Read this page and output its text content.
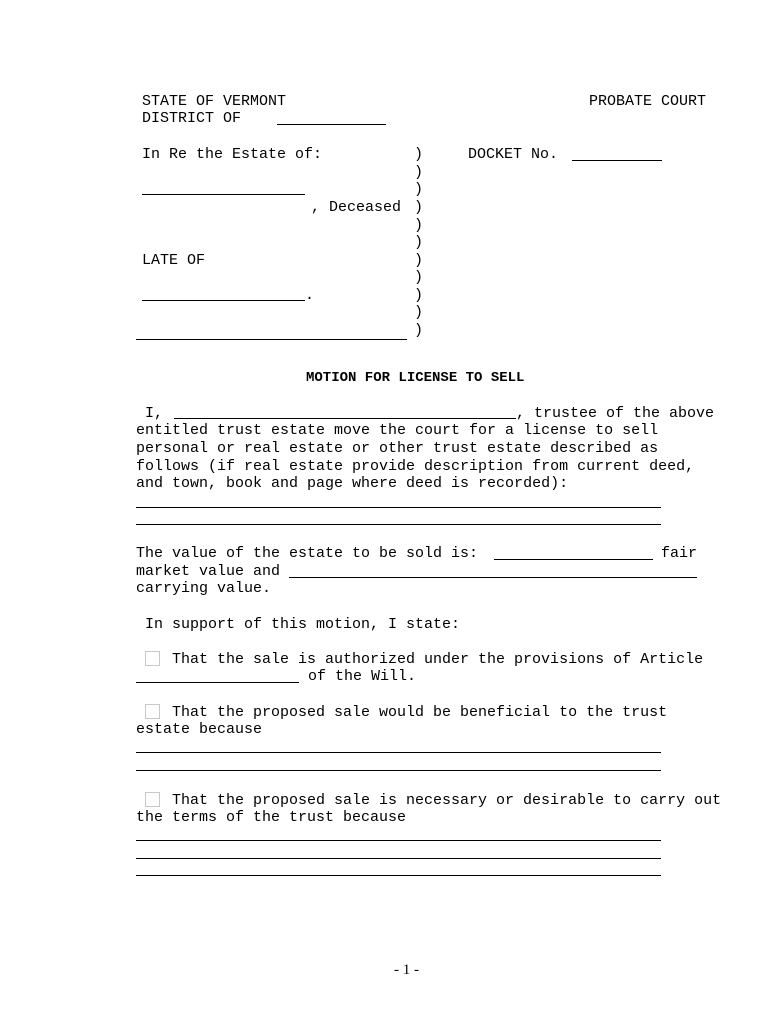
STATE OF VERMONT	PROBATE COURT
DISTRICT OF
In Re the Estate of:
, Deceased
LATE OF
.
)
)
)
)
)
)
)
)
)
)
)
DOCKET No.
MOTION FOR LICENSE TO SELL
I,	, trustee of the above
entitled trust estate move the court for a license to sell
personal or real estate or other trust estate described as
follows (if real estate provide description from current deed,
and town, book and page where deed is recorded):
The value of the estate to be sold is:	fair
market value and
carrying value.
In support of this motion, I state:
That the sale is authorized under the provisions of Article
of the Will.
That the proposed sale would be beneficial to the trust
estate because
That the proposed sale is necessary or desirable to carry out
the terms of the trust because
- 1 -
